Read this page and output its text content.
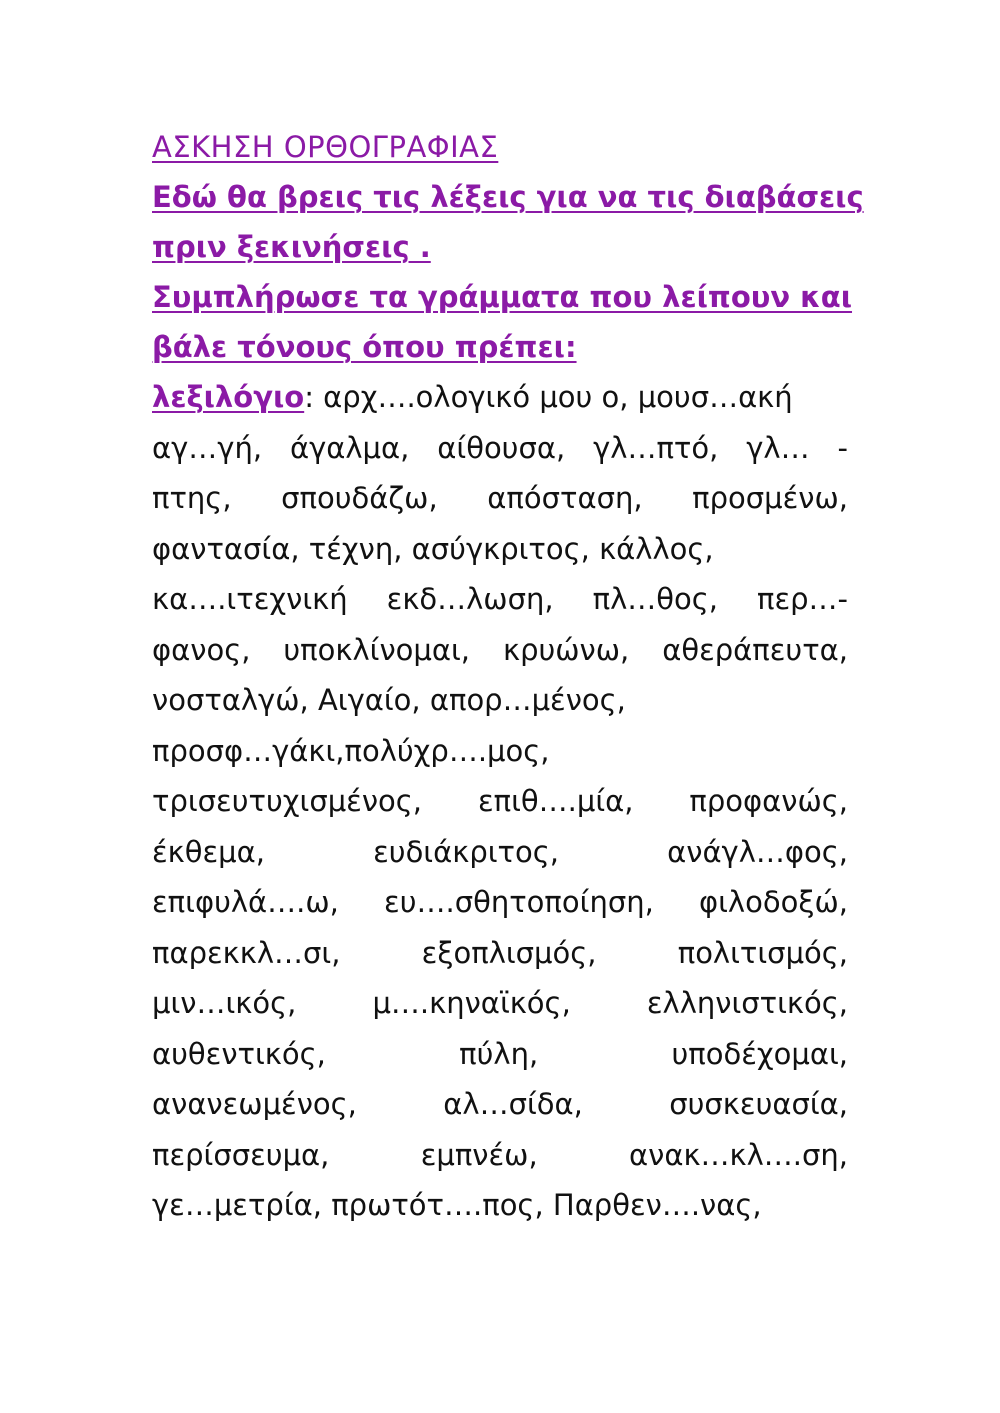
ΑΣΚΗΣΗ ΟΡΘΟΓΡΑΦΙΑΣ
Εδώ θα βρεις τις λέξεις για να τις διαβάσεις
πριν ξεκινήσεις .
Συμπλήρωσε τα γράμματα που λείπουν και
βάλε τόνους όπου πρέπει:
λεξιλόγιο: αρχ….ολογικό μου ο, μουσ…ακή
αγ…γή, άγαλμα, αίθουσα, γλ…πτό, γλ… -
πτης, σπουδάζω, απόσταση, προσμένω,
φαντασία, τέχνη, ασύγκριτος, κάλλος,
κα….ιτεχνική εκδ…λωση, πλ…θος, περ…-
φανος, υποκλίνομαι, κρυώνω, αθεράπευτα,
νοσταλγώ, Αιγαίο, απορ…μένος,
προσφ…γάκι,πολύχρ….μος,
τρισευτυχισμένος, επιθ….μία, προφανώς,
έκθεμα, ευδιάκριτος, ανάγλ…φος,
επιφυλά….ω, ευ….σθητοποίηση, φιλοδοξώ,
παρεκκλ…σι, εξοπλισμός, πολιτισμός,
μιν…ικός, μ….κηναϊκός, ελληνιστικός,
αυθεντικός, πύλη, υποδέχομαι,
ανανεωμένος, αλ…σίδα, συσκευασία,
περίσσευμα, εμπνέω, ανακ…κλ….ση,
γε…μετρία, πρωτότ….πος, Παρθεν….νας,
